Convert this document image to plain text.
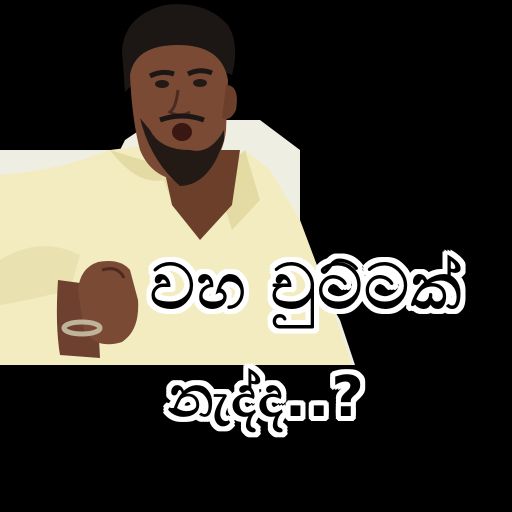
වහ චුට්ටක්
නැද්ද..?
